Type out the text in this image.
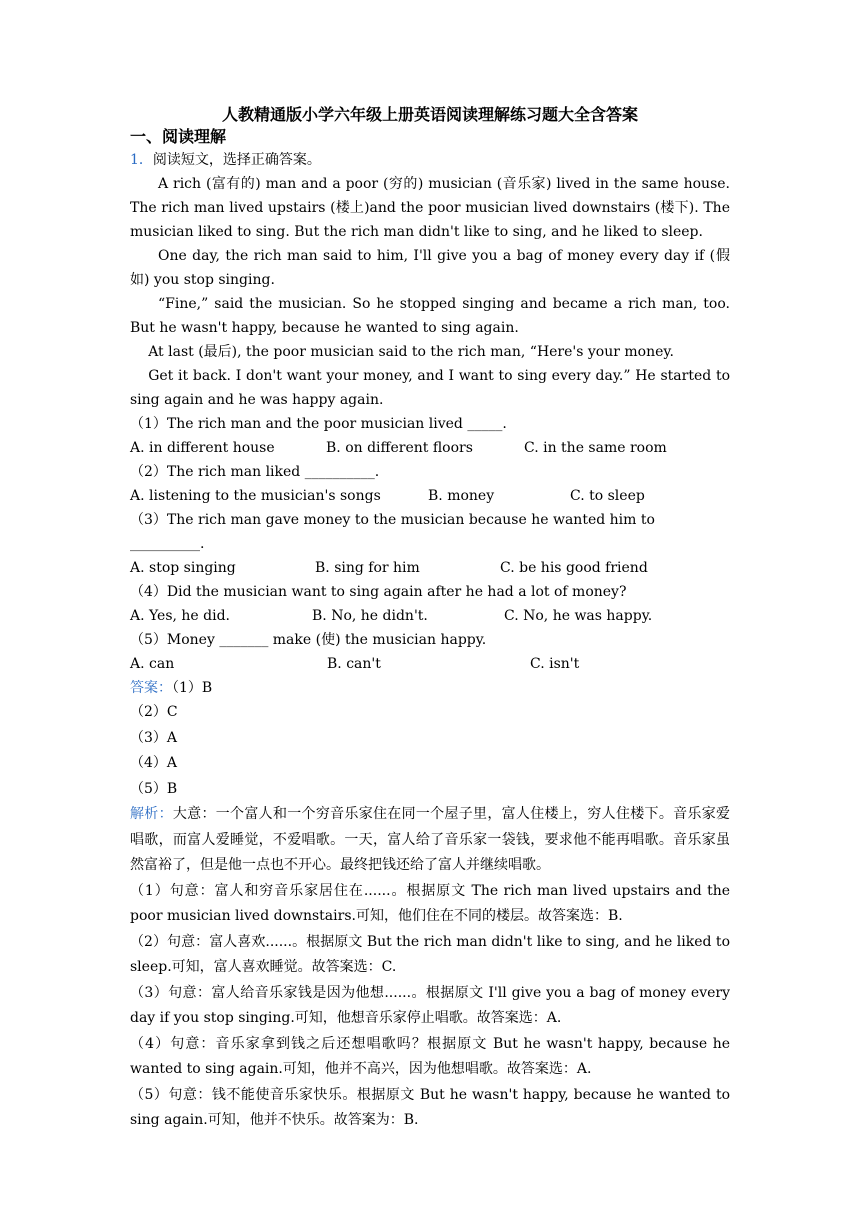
人教精通版小学六年级上册英语阅读理解练习题大全含答案

一、阅读理解

1．阅读短文，选择正确答案。

A rich (富有的) man and a poor (穷的) musician (音乐家) lived in the same house. The rich man lived upstairs (楼上)and the poor musician lived downstairs (楼下). The musician liked to sing. But the rich man didn't like to sing, and he liked to sleep.

One day, the rich man said to him, I'll give you a bag of money every day if (假如) you stop singing.

“Fine,” said the musician. So he stopped singing and became a rich man, too. But he wasn't happy, because he wanted to sing again.

At last (最后), the poor musician said to the rich man, “Here's your money.

Get it back. I don't want your money, and I want to sing every day.” He started to sing again and he was happy again.

（1）The rich man and the poor musician lived _____.

A. in different house	B. on different floors	C. in the same room

（2）The rich man liked __________.

A. listening to the musician's songs	B. money	C. to sleep

（3）The rich man gave money to the musician because he wanted him to __________.

A. stop singing	B. sing for him	C. be his good friend

（4）Did the musician want to sing again after he had a lot of money?

A. Yes, he did.	B. No, he didn't.	C. No, he was happy.

（5）Money _______ make (使) the musician happy.

A. can	B. can't	C. isn't

答案：（1）B

（2）C

（3）A

（4）A

（5）B

解析：大意：一个富人和一个穷音乐家住在同一个屋子里，富人住楼上，穷人住楼下。音乐家爱唱歌，而富人爱睡觉，不爱唱歌。一天，富人给了音乐家一袋钱，要求他不能再唱歌。音乐家虽然富裕了，但是他一点也不开心。最终把钱还给了富人并继续唱歌。

（1）句意：富人和穷音乐家居住在......。根据原文 The rich man lived upstairs and the poor musician lived downstairs.可知，他们住在不同的楼层。故答案选：B.

（2）句意：富人喜欢......。根据原文 But the rich man didn't like to sing, and he liked to sleep.可知，富人喜欢睡觉。故答案选：C.

（3）句意：富人给音乐家钱是因为他想......。根据原文 I'll give you a bag of money every day if you stop singing.可知，他想音乐家停止唱歌。故答案选：A.

（4）句意：音乐家拿到钱之后还想唱歌吗？根据原文 But he wasn't happy, because he wanted to sing again.可知，他并不高兴，因为他想唱歌。故答案选：A.

（5）句意：钱不能使音乐家快乐。根据原文 But he wasn't happy, because he wanted to sing again.可知，他并不快乐。故答案为：B.
